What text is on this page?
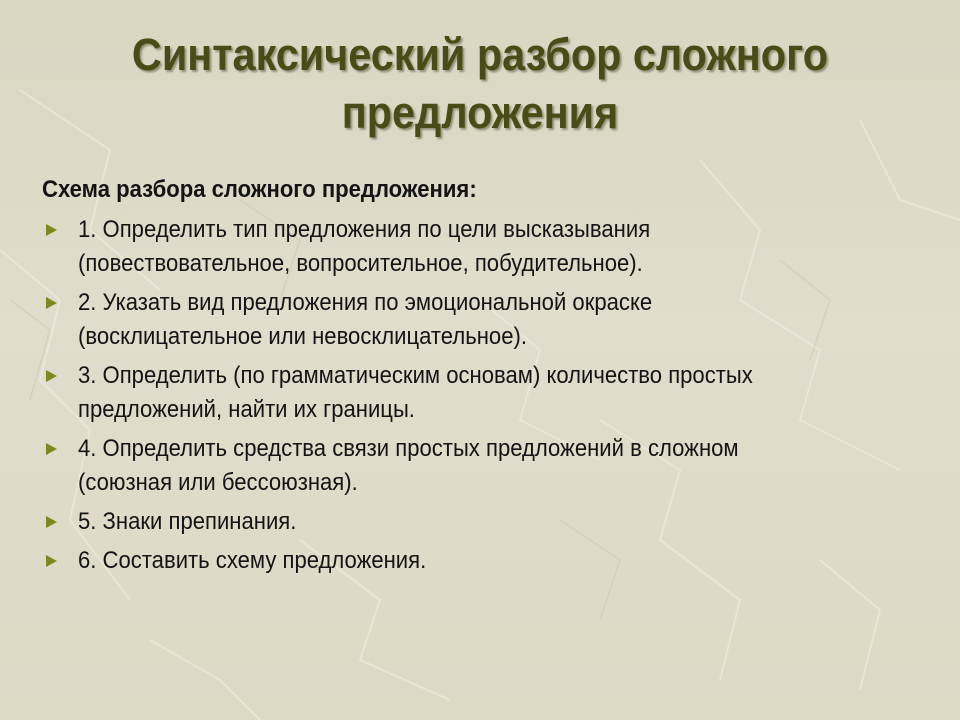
Синтаксический разбор сложного предложения
Схема разбора сложного предложения:
1. Определить тип предложения по цели высказывания
(повествовательное, вопросительное, побудительное).
2. Указать вид предложения по эмоциональной окраске
(восклицательное или невосклицательное).
3. Определить (по грамматическим основам) количество простых
предложений, найти их границы.
4. Определить средства связи простых предложений в сложном
(союзная или бессоюзная).
5. Знаки препинания.
6. Составить схему предложения.
